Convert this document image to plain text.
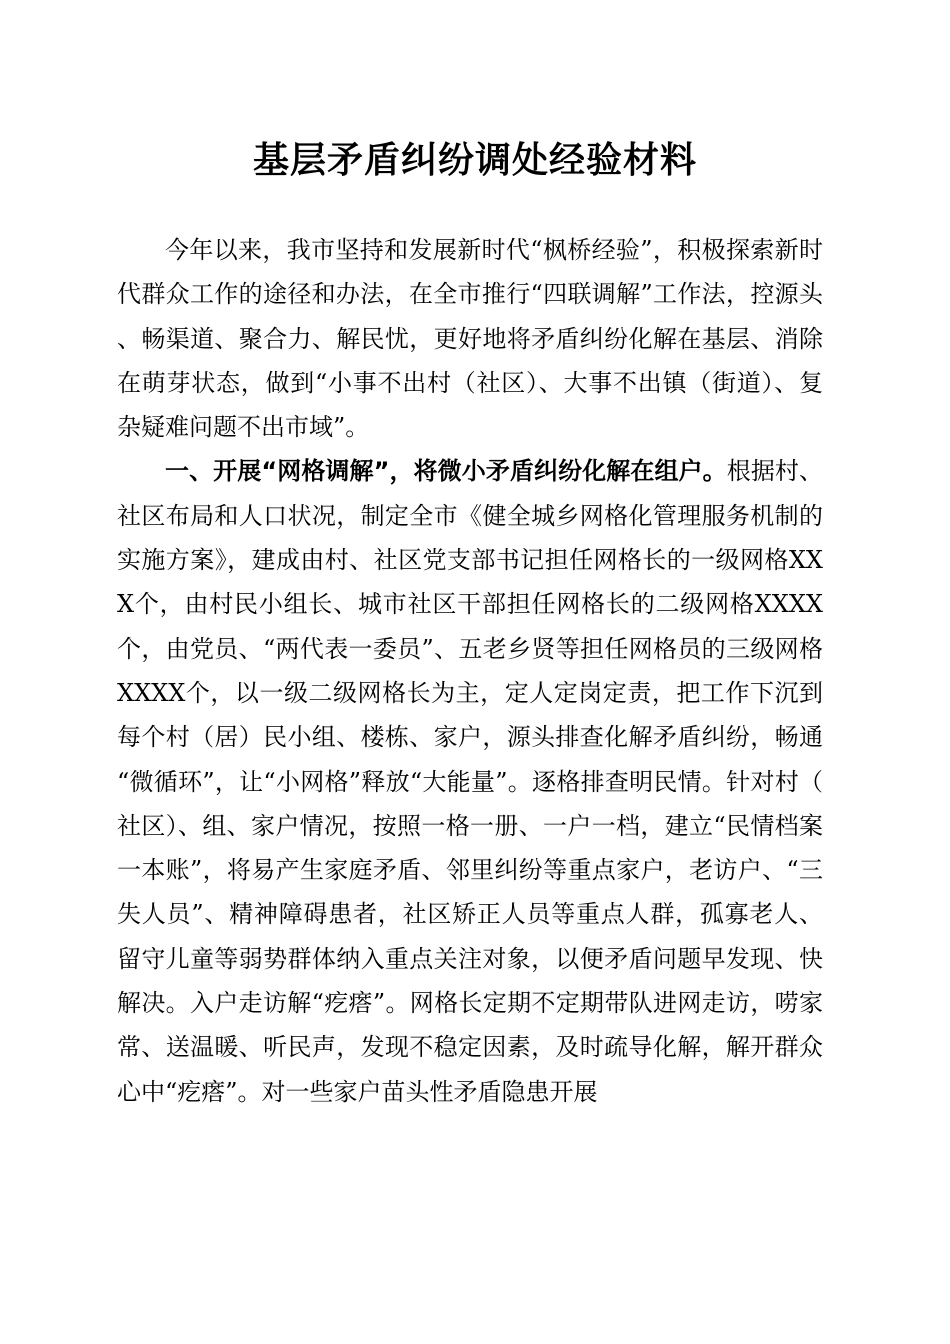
基层矛盾纠纷调处经验材料

今年以来，我市坚持和发展新时代“枫桥经验”，积极探索新时代群众工作的途径和办法，在全市推行“四联调解”工作法，控源头、畅渠道、聚合力、解民忧，更好地将矛盾纠纷化解在基层、消除在萌芽状态，做到“小事不出村（社区）、大事不出镇（街道）、复杂疑难问题不出市域”。

一、开展“网格调解”，将微小矛盾纠纷化解在组户。根据村、社区布局和人口状况，制定全市《健全城乡网格化管理服务机制的实施方案》，建成由村、社区党支部书记担任网格长的一级网格XXX个，由村民小组长、城市社区干部担任网格长的二级网格XXXX个，由党员、“两代表一委员”、五老乡贤等担任网格员的三级网格XXXX个，以一级二级网格长为主，定人定岗定责，把工作下沉到每个村（居）民小组、楼栋、家户，源头排查化解矛盾纠纷，畅通“微循环”，让“小网格”释放“大能量”。逐格排查明民情。针对村（社区）、组、家户情况，按照一格一册、一户一档，建立“民情档案一本账”，将易产生家庭矛盾、邻里纠纷等重点家户，老访户、“三失人员”、精神障碍患者，社区矫正人员等重点人群，孤寡老人、留守儿童等弱势群体纳入重点关注对象，以便矛盾问题早发现、快解决。入户走访解“疙瘩”。网格长定期不定期带队进网走访，唠家常、送温暖、听民声，发现不稳定因素，及时疏导化解，解开群众心中“疙瘩”。对一些家户苗头性矛盾隐患开展
